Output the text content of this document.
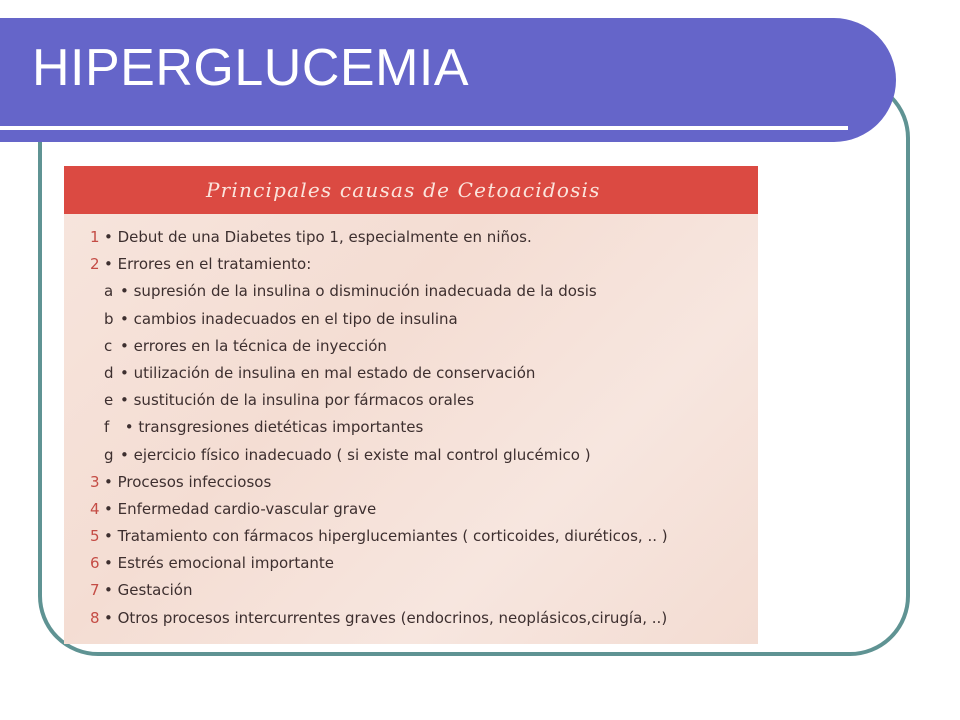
HIPERGLUCEMIA
Principales causas de Cetoacidosis
1 • Debut de una Diabetes tipo 1, especialmente en niños.
2 • Errores en el tratamiento:
a • supresión de la insulina o disminución inadecuada de la dosis
b • cambios inadecuados en el tipo de insulina
c • errores en la técnica de inyección
d • utilización de insulina en mal estado de conservación
e • sustitución de la insulina por fármacos orales
f • transgresiones dietéticas importantes
g • ejercicio físico inadecuado ( si existe mal control glucémico )
3 • Procesos infecciosos
4 • Enfermedad cardio-vascular grave
5 • Tratamiento con fármacos hiperglucemiantes ( corticoides, diuréticos, .. )
6 • Estrés emocional importante
7 • Gestación
8 • Otros procesos intercurrentes graves (endocrinos, neoplásicos,cirugía, ..)
